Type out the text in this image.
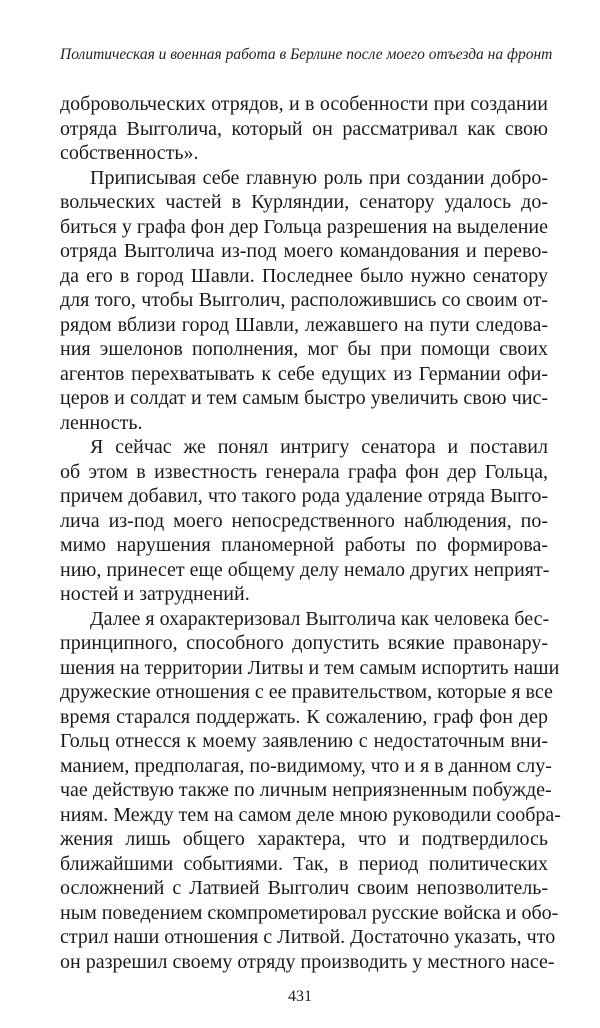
Политическая и военная работа в Берлине после моего отъезда на фронт
добровольческих отрядов, и в особенности при создании
отряда Выrголича, который он рассматривал как свою
собственность».
Приписывая себе главную роль при создании добро-
вольческих частей в Курляндии, сенатору удалось до-
биться у графа фон дер Гольца разрешения на выделение
отряда Выrголича из-под моего командования и перево-
да его в город Шавли. Последнее было нужно сенатору
для того, чтобы Выrголич, расположившись со своим от-
рядом вблизи город Шавли, лежавшего на пути следова-
ния эшелонов пополнения, мог бы при помощи своих
агентов перехватывать к себе едущих из Германии офи-
церов и солдат и тем самым быстро увеличить свою чис-
ленность.
Я сейчас же понял интригу сенатора и поставил
об этом в известность генерала графа фон дер Гольца,
причем добавил, что такого рода удаление отряда Выrго-
лича из-под моего непосредственного наблюдения, по-
мимо нарушения планомерной работы по формирова-
нию, принесет еще общему делу немало других неприят-
ностей и затруднений.
Далее я охарактеризовал Выrголича как человека бес-
принципного, способного допустить всякие правонару-
шения на территории Литвы и тем самым испортить наши
дружеские отношения с ее правительством, которые я все
время старался поддержать. К сожалению, граф фон дер
Гольц отнесся к моему заявлению с недостаточным вни-
манием, предполагая, по-видимому, что и я в данном слу-
чае действую также по личным неприязненным побужде-
ниям. Между тем на самом деле мною руководили сообра-
жения лишь общего характера, что и подтвердилось
ближайшими событиями. Так, в период политических
осложнений с Латвией Выrголич своим непозволитель-
ным поведением скомпрометировал русские войска и обо-
стрил наши отношения с Литвой. Достаточно указать, что
он разрешил своему отряду производить у местного насе-
431
